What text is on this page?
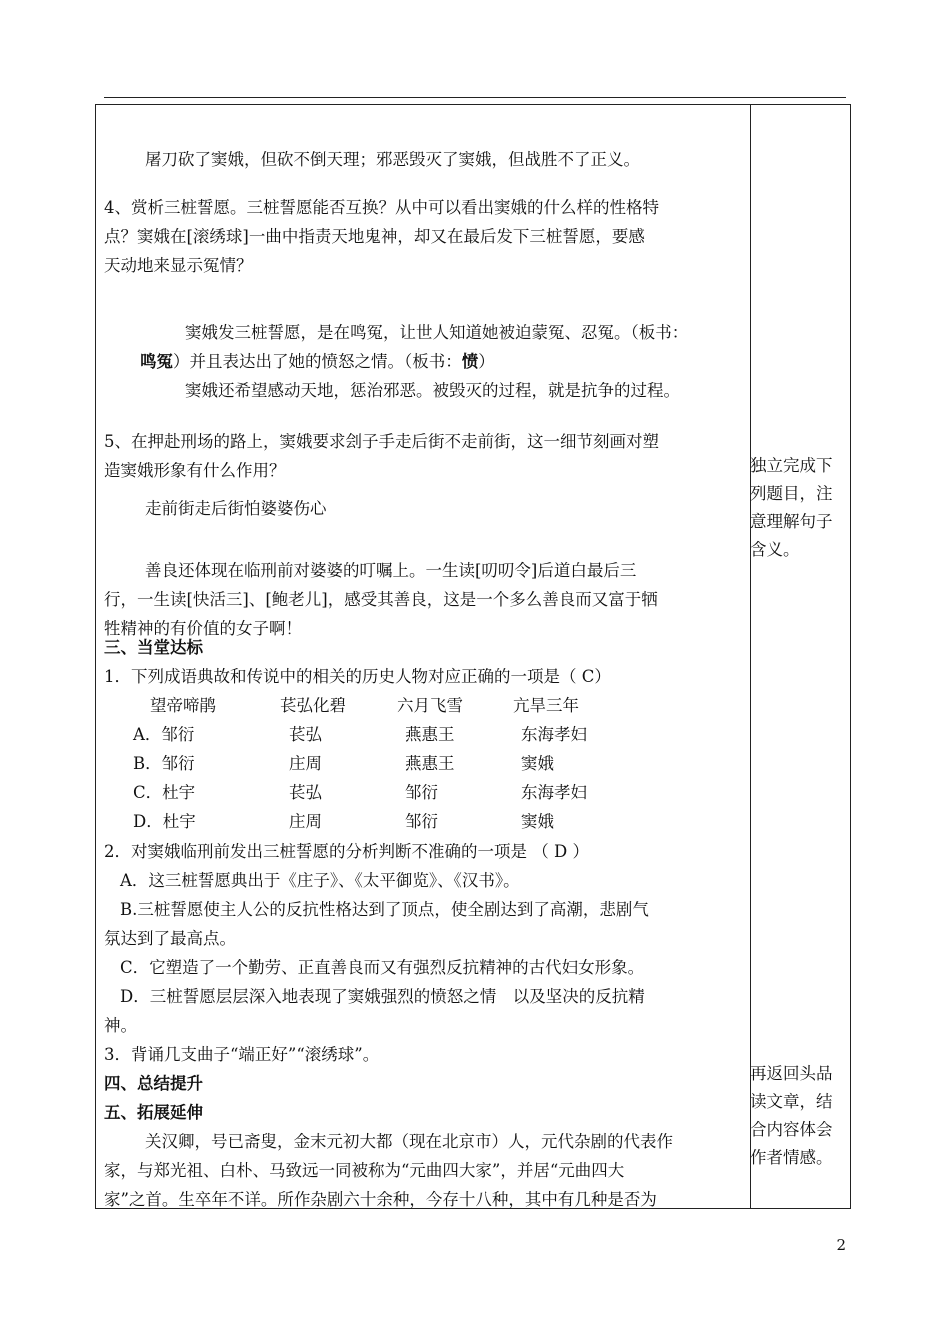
屠刀砍了窦娥，但砍不倒天理；邪恶毁灭了窦娥，但战胜不了正义。
4、赏析三桩誓愿。三桩誓愿能否互换？从中可以看出窦娥的什么样的性格特
点？窦娥在[滚绣球]一曲中指责天地鬼神，却又在最后发下三桩誓愿，要感
天动地来显示冤情？
窦娥发三桩誓愿，是在鸣冤，让世人知道她被迫蒙冤、忍冤。（板书：
窦娥还希望感动天地，惩治邪恶。被毁灭的过程，就是抗争的过程。
5、在押赴刑场的路上，窦娥要求刽子手走后街不走前街，这一细节刻画对塑
造窦娥形象有什么作用？
走前街走后街怕婆婆伤心
善良还体现在临刑前对婆婆的叮嘱上。一生读[叨叨令]后道白最后三
行，一生读[快活三]、[鲍老儿]，感受其善良，这是一个多么善良而又富于牺
牲精神的有价值的女子啊！
1．下列成语典故和传说中的相关的历史人物对应正确的一项是（ C）
2．对窦娥临刑前发出三桩誓愿的分析判断不准确的一项是 （ D ）
A．这三桩誓愿典出于《庄子》、《太平御览》、《汉书》。
B.三桩誓愿使主人公的反抗性格达到了顶点，使全剧达到了高潮，悲剧气
氛达到了最高点。
C．它塑造了一个勤劳、正直善良而又有强烈反抗精神的古代妇女形象。
D．三桩誓愿层层深入地表现了窦娥强烈的愤怒之情　以及坚决的反抗精
神。
3．背诵几支曲子“端正好”“滚绣球”。
关汉卿，号已斋叟，金末元初大都（现在北京市）人，元代杂剧的代表作
家，与郑光祖、白朴、马致远一同被称为“元曲四大家”，并居“元曲四大
家”之首。生卒年不详。所作杂剧六十余种，今存十八种，其中有几种是否为
鸣冤）并且表达出了她的愤怒之情。（板书：愤）
三、当堂达标
四、总结提升
五、拓展延伸
望帝啼鹃	苌弘化碧	六月飞雪	亢旱三年
A．邹衍	苌弘	燕惠王	东海孝妇
B．邹衍	庄周	燕惠王	窦娥
C．杜宇	苌弘	邹衍	东海孝妇
D．杜宇	庄周	邹衍	窦娥
独立完成下
列题目，注
意理解句子
含义。
再返回头品
读文章，结
合内容体会
作者情感。
2
